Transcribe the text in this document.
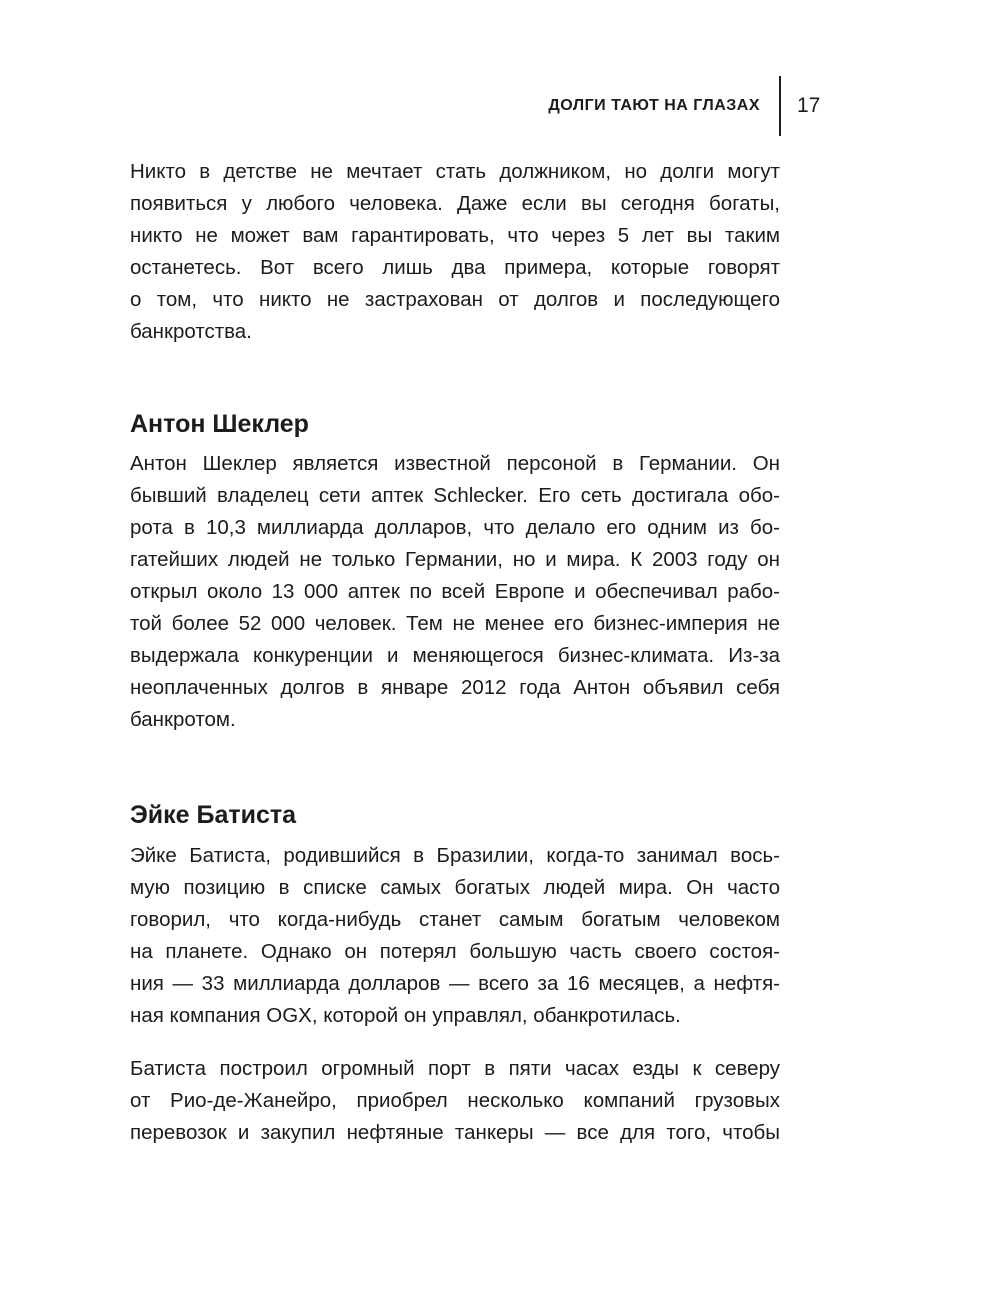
ДОЛГИ ТАЮТ НА ГЛАЗАХ 17
Никто в детстве не мечтает стать должником, но долги могут
появиться у любого человека. Даже если вы сегодня богаты,
никто не может вам гарантировать, что через 5 лет вы таким
останетесь. Вот всего лишь два примера, которые говорят
о том, что никто не застрахован от долгов и последующего
банкротства.
Антон Шеклер
Антон Шеклер является известной персоной в Германии. Он
бывший владелец сети аптек Schlecker. Его сеть достигала обо-
рота в 10,3 миллиарда долларов, что делало его одним из бо-
гатейших людей не только Германии, но и мира. К 2003 году он
открыл около 13 000 аптек по всей Европе и обеспечивал рабо-
той более 52 000 человек. Тем не менее его бизнес-империя не
выдержала конкуренции и меняющегося бизнес-климата. Из-за
неоплаченных долгов в январе 2012 года Антон объявил себя
банкротом.
Эйке Батиста
Эйке Батиста, родившийся в Бразилии, когда-то занимал вось-
мую позицию в списке самых богатых людей мира. Он часто
говорил, что когда-нибудь станет самым богатым человеком
на планете. Однако он потерял большую часть своего состоя-
ния — 33 миллиарда долларов — всего за 16 месяцев, а нефтя-
ная компания OGX, которой он управлял, обанкротилась.
Батиста построил огромный порт в пяти часах езды к северу
от Рио-де-Жанейро, приобрел несколько компаний грузовых
перевозок и закупил нефтяные танкеры — все для того, чтобы
